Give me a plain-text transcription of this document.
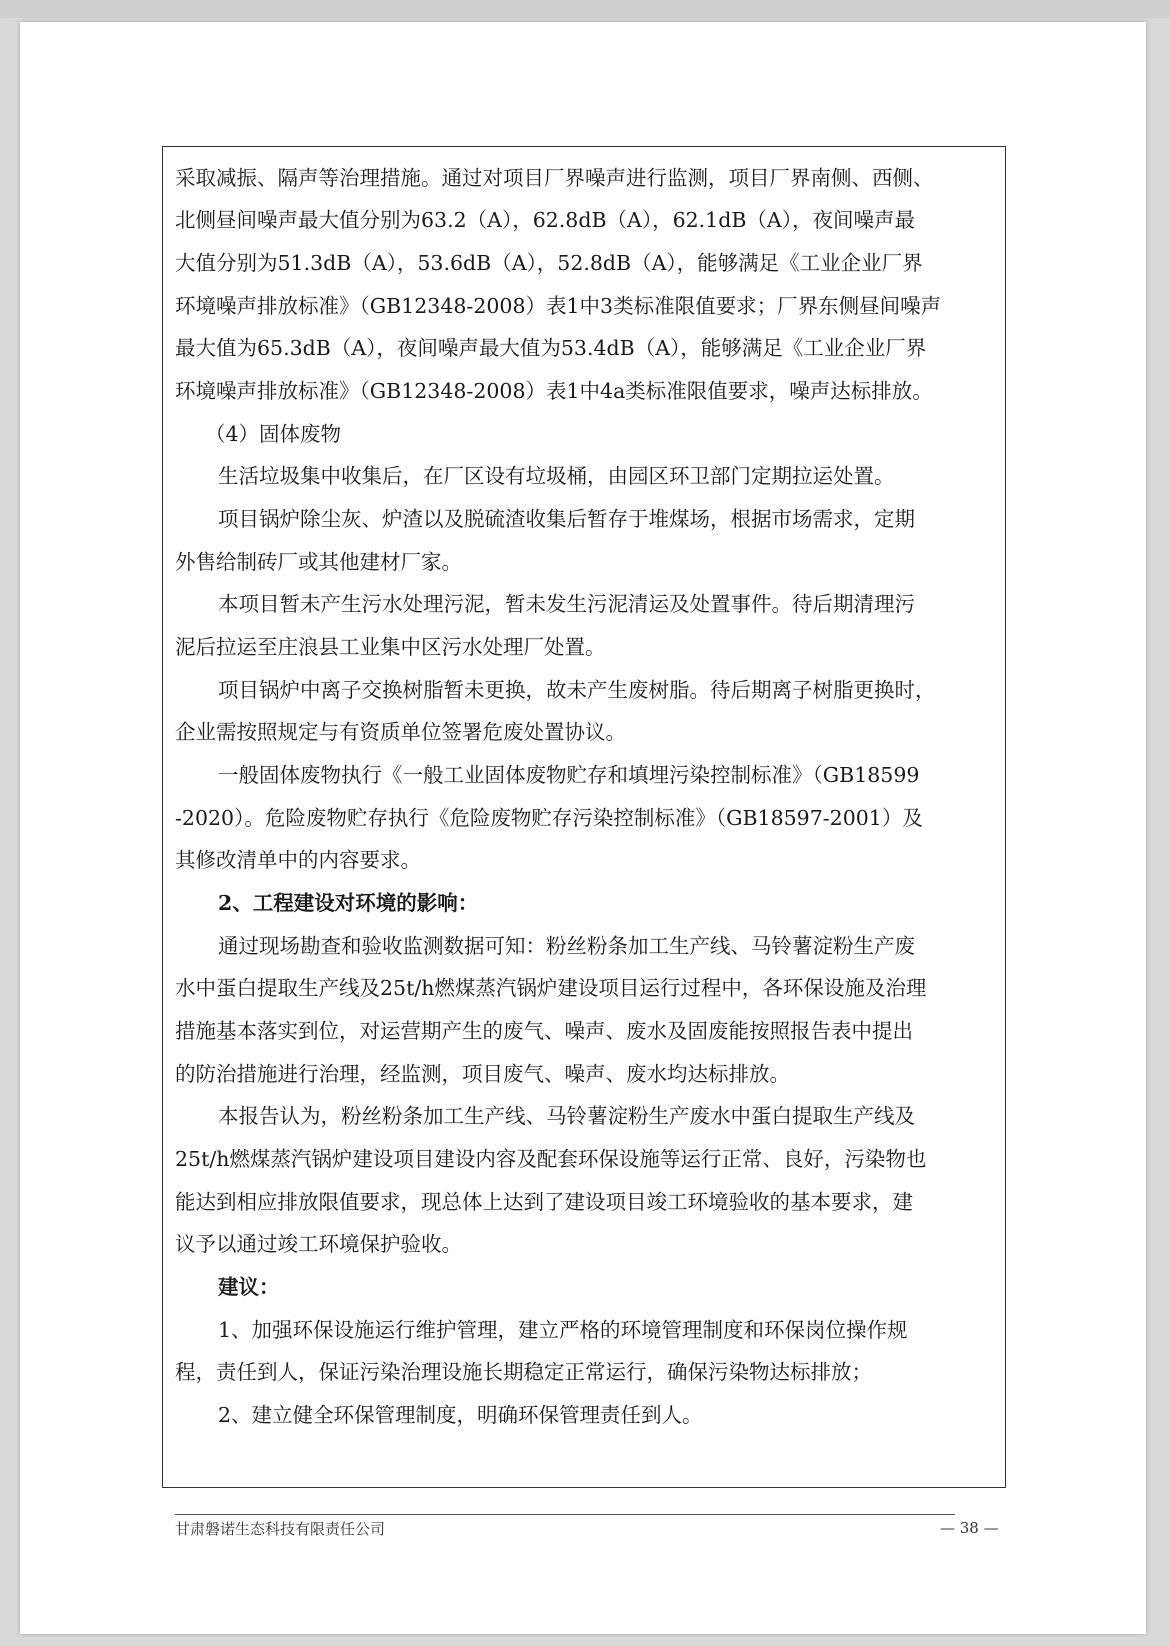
采取减振、隔声等治理措施。通过对项目厂界噪声进行监测，项目厂界南侧、西侧、

北侧昼间噪声最大值分别为63.2（A），62.8dB（A），62.1dB（A），夜间噪声最

大值分别为51.3dB（A），53.6dB（A），52.8dB（A），能够满足《工业企业厂界

环境噪声排放标准》（GB12348-2008）表1中3类标准限值要求；厂界东侧昼间噪声

最大值为65.3dB（A），夜间噪声最大值为53.4dB（A），能够满足《工业企业厂界

环境噪声排放标准》（GB12348-2008）表1中4a类标准限值要求，噪声达标排放。

（4）固体废物

生活垃圾集中收集后，在厂区设有垃圾桶，由园区环卫部门定期拉运处置。

项目锅炉除尘灰、炉渣以及脱硫渣收集后暂存于堆煤场，根据市场需求，定期

外售给制砖厂或其他建材厂家。

本项目暂未产生污水处理污泥，暂未发生污泥清运及处置事件。待后期清理污

泥后拉运至庄浪县工业集中区污水处理厂处置。

项目锅炉中离子交换树脂暂未更换，故未产生废树脂。待后期离子树脂更换时，

企业需按照规定与有资质单位签署危废处置协议。

一般固体废物执行《一般工业固体废物贮存和填埋污染控制标准》（GB18599

-2020）。危险废物贮存执行《危险废物贮存污染控制标准》（GB18597-2001）及

其修改清单中的内容要求。

2、工程建设对环境的影响：

通过现场勘查和验收监测数据可知：粉丝粉条加工生产线、马铃薯淀粉生产废

水中蛋白提取生产线及25t/h燃煤蒸汽锅炉建设项目运行过程中，各环保设施及治理

措施基本落实到位，对运营期产生的废气、噪声、废水及固废能按照报告表中提出

的防治措施进行治理，经监测，项目废气、噪声、废水均达标排放。

本报告认为，粉丝粉条加工生产线、马铃薯淀粉生产废水中蛋白提取生产线及

25t/h燃煤蒸汽锅炉建设项目建设内容及配套环保设施等运行正常、良好，污染物也

能达到相应排放限值要求，现总体上达到了建设项目竣工环境验收的基本要求，建

议予以通过竣工环境保护验收。

建议：

1、加强环保设施运行维护管理，建立严格的环境管理制度和环保岗位操作规

程，责任到人，保证污染治理设施长期稳定正常运行，确保污染物达标排放；

2、建立健全环保管理制度，明确环保管理责任到人。

甘肃磐诺生态科技有限责任公司	— 38 —
